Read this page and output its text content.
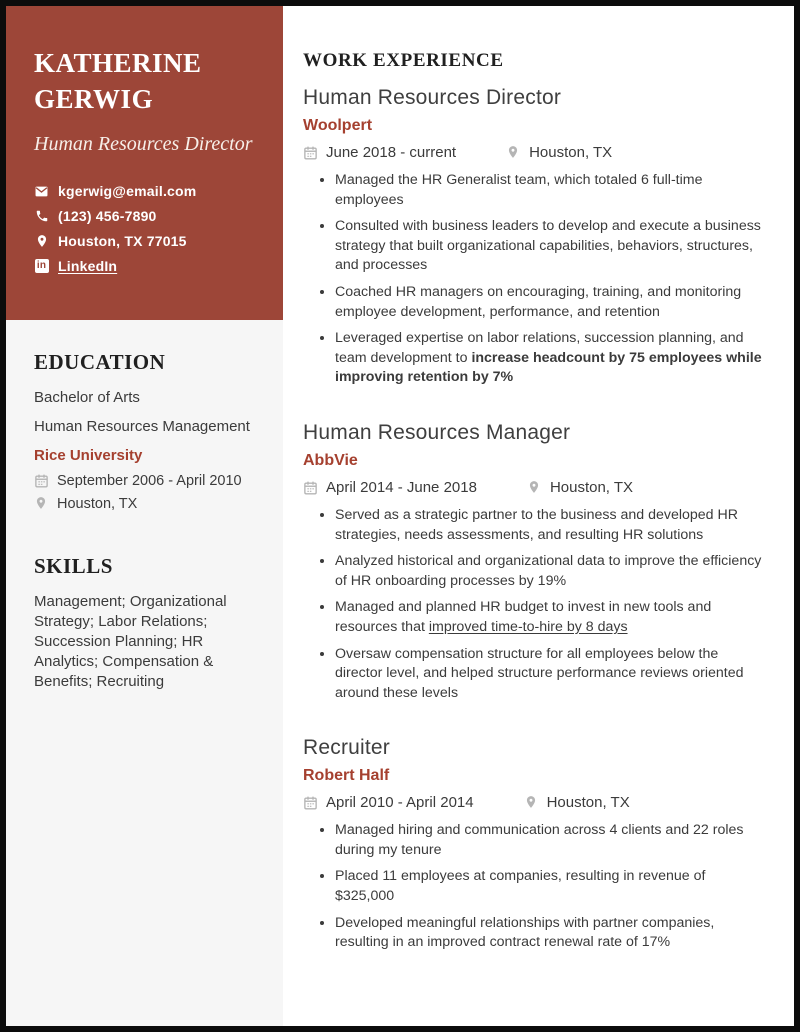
KATHERINE GERWIG

Human Resources Director

kgerwig@email.com
(123) 456-7890
Houston, TX 77015
in LinkedIn
EDUCATION

Bachelor of Arts

Human Resources Management

Rice University

September 2006 - April 2010
Houston, TX
SKILLS

Management; Organizational Strategy; Labor Relations; Succession Planning; HR Analytics; Compensation & Benefits; Recruiting

WORK EXPERIENCE
Human Resources Director
Woolpert
June 2018 - current	Houston, TX
• Managed the HR Generalist team, which totaled 6 full-time employees
• Consulted with business leaders to develop and execute a business strategy that built organizational capabilities, behaviors, structures, and processes
• Coached HR managers on encouraging, training, and monitoring employee development, performance, and retention
• Leveraged expertise on labor relations, succession planning, and team development to increase headcount by 75 employees while improving retention by 7%
Human Resources Manager
AbbVie
April 2014 - June 2018	Houston, TX
• Served as a strategic partner to the business and developed HR strategies, needs assessments, and resulting HR solutions
• Analyzed historical and organizational data to improve the efficiency of HR onboarding processes by 19%
• Managed and planned HR budget to invest in new tools and resources that improved time-to-hire by 8 days
• Oversaw compensation structure for all employees below the director level, and helped structure performance reviews oriented around these levels
Recruiter
Robert Half
April 2010 - April 2014	Houston, TX
• Managed hiring and communication across 4 clients and 22 roles during my tenure
• Placed 11 employees at companies, resulting in revenue of $325,000
• Developed meaningful relationships with partner companies, resulting in an improved contract renewal rate of 17%
